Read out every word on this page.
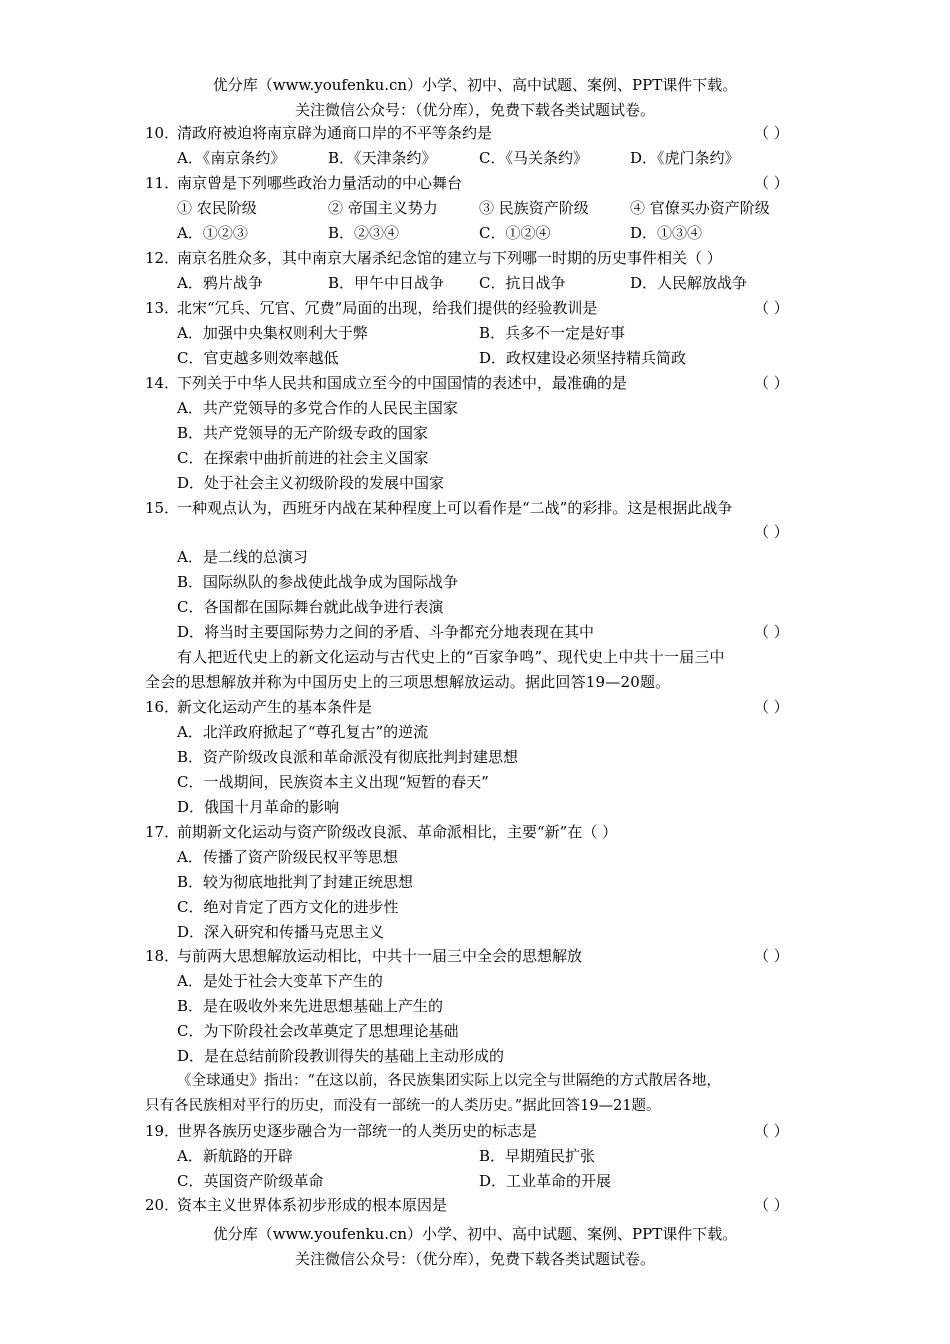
优分库（www.youfenku.cn）小学、初中、高中试题、案例、PPT课件下载。
关注微信公众号：（优分库），免费下载各类试题试卷。
10．
清政府被迫将南京辟为通商口岸的不平等条约是	（ ）
A．《南京条约》	B．《天津条约》	C．《马关条约》	D．《虎门条约》
11．
南京曾是下列哪些政治力量活动的中心舞台	（ ）
① 农民阶级	② 帝国主义势力	③ 民族资产阶级	④ 官僚买办资产阶级
A．①②③	B．②③④	C．①②④	D．①③④
12．
南京名胜众多，其中南京大屠杀纪念馆的建立与下列哪一时期的历史事件相关（ ）
A．鸦片战争	B．甲午中日战争 C．抗日战争	D．人民解放战争
13．
北宋“冗兵、冗官、冗费”局面的出现，给我们提供的经验教训是	（ ）
A．加强中央集权则利大于弊	B．兵多不一定是好事
C．官吏越多则效率越低	D．政权建设必须坚持精兵简政
14．
下列关于中华人民共和国成立至今的中国国情的表述中，最准确的是	（ ）
A．共产党领导的多党合作的人民民主国家
B．共产党领导的无产阶级专政的国家
C．在探索中曲折前进的社会主义国家
D．处于社会主义初级阶段的发展中国家
15．
一种观点认为，西班牙内战在某种程度上可以看作是“二战”的彩排。这是根据此战争
（ ）
A．是二线的总演习
B．国际纵队的参战使此战争成为国际战争
C．各国都在国际舞台就此战争进行表演
D．将当时主要国际势力之间的矛盾、斗争都充分地表现在其中	（ ）
有人把近代史上的新文化运动与古代史上的“百家争鸣”、现代史上中共十一届三中
全会的思想解放并称为中国历史上的三项思想解放运动。据此回答19—20题。
16．
新文化运动产生的基本条件是	（ ）
A．北洋政府掀起了“尊孔复古”的逆流
B．资产阶级改良派和革命派没有彻底批判封建思想
C．一战期间，民族资本主义出现“短暂的春天”
D．俄国十月革命的影响
17．
前期新文化运动与资产阶级改良派、革命派相比，主要“新”在（ ）
A．传播了资产阶级民权平等思想
B．较为彻底地批判了封建正统思想
C．绝对肯定了西方文化的进步性
D．深入研究和传播马克思主义
18．
与前两大思想解放运动相比，中共十一届三中全会的思想解放	（ ）
A．是处于社会大变革下产生的
B．是在吸收外来先进思想基础上产生的
C．为下阶段社会改革奠定了思想理论基础
D．是在总结前阶段教训得失的基础上主动形成的
《全球通史》指出：“在这以前，各民族集团实际上以完全与世隔绝的方式散居各地，
只有各民族相对平行的历史，而没有一部统一的人类历史。”据此回答19—21题。
19．
世界各族历史逐步融合为一部统一的人类历史的标志是	（ ）
A．新航路的开辟	B．早期殖民扩张
C．英国资产阶级革命	D．工业革命的开展
20．
资本主义世界体系初步形成的根本原因是	（ ）
优分库（www.youfenku.cn）小学、初中、高中试题、案例、PPT课件下载。
关注微信公众号：（优分库），免费下载各类试题试卷。
